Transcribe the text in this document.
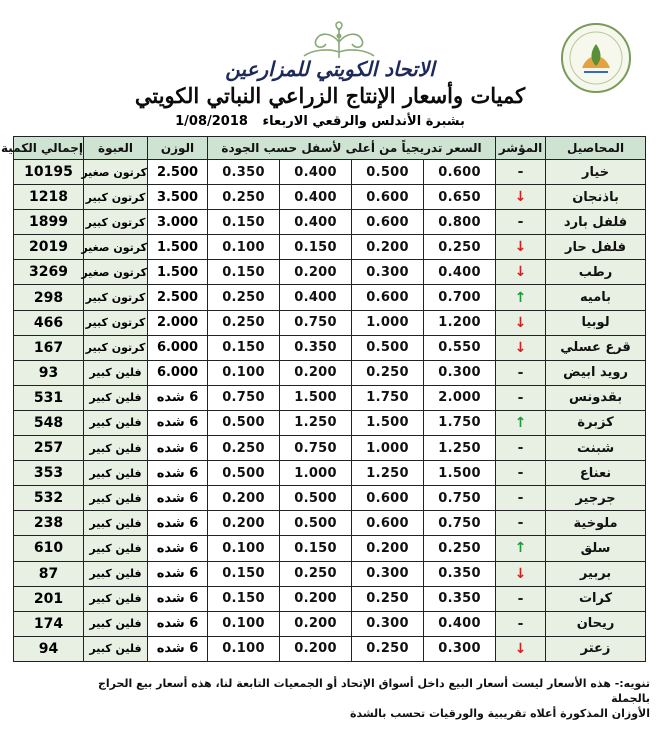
الاتحاد الكويتي للمزارعين
كميات وأسعار الإنتاج الزراعي النباتي الكويتي
بشبرة الأندلس والرقعي الاربعاء 1/08/2018
المحاصيل	المؤشر	السعر تدريجياً من أعلى لأسفل حسب الجودة				الوزن	العبوة	إجمالي الكمية
خيار	-	0.600	0.500	0.400	0.350	2.500	كرتون صغير	10195
باذنجان	↓	0.650	0.600	0.400	0.250	3.500	كرتون كبير	1218
فلفل بارد	-	0.800	0.600	0.400	0.150	3.000	كرتون كبير	1899
فلفل حار	↓	0.250	0.200	0.150	0.100	1.500	كرتون صغير	2019
رطب	↓	0.400	0.300	0.200	0.150	1.500	كرتون صغير	3269
باميه	↑	0.700	0.600	0.400	0.250	2.500	كرتون كبير	298
لوبيا	↓	1.200	1.000	0.750	0.250	2.000	كرتون كبير	466
قرع عسلي	↓	0.550	0.500	0.350	0.150	6.000	كرتون كبير	167
رويد ابيض	-	0.300	0.250	0.200	0.100	6.000	فلين كبير	93
بقدونس	-	2.000	1.750	1.500	0.750	6 شده	فلين كبير	531
كزبرة	↑	1.750	1.500	1.250	0.500	6 شده	فلين كبير	548
شبنت	-	1.250	1.000	0.750	0.250	6 شده	فلين كبير	257
نعناع	-	1.500	1.250	1.000	0.500	6 شده	فلين كبير	353
جرجير	-	0.750	0.600	0.500	0.200	6 شده	فلين كبير	532
ملوخية	-	0.750	0.600	0.500	0.200	6 شده	فلين كبير	238
سلق	↑	0.250	0.200	0.150	0.100	6 شده	فلين كبير	610
بربير	↓	0.350	0.300	0.250	0.150	6 شده	فلين كبير	87
كرات	-	0.350	0.250	0.200	0.150	6 شده	فلين كبير	201
ريحان	-	0.400	0.300	0.200	0.100	6 شده	فلين كبير	174
زعتر	↓	0.300	0.250	0.200	0.100	6 شده	فلين كبير	94
تنويه:- هذه الأسعار ليست أسعار البيع داخل أسواق الإتحاد أو الجمعيات التابعة لنا، هذه أسعار بيع الحراج بالجملة
الأوزان المذكورة أعلاه تقريبية والورقيات تحسب بالشدة
